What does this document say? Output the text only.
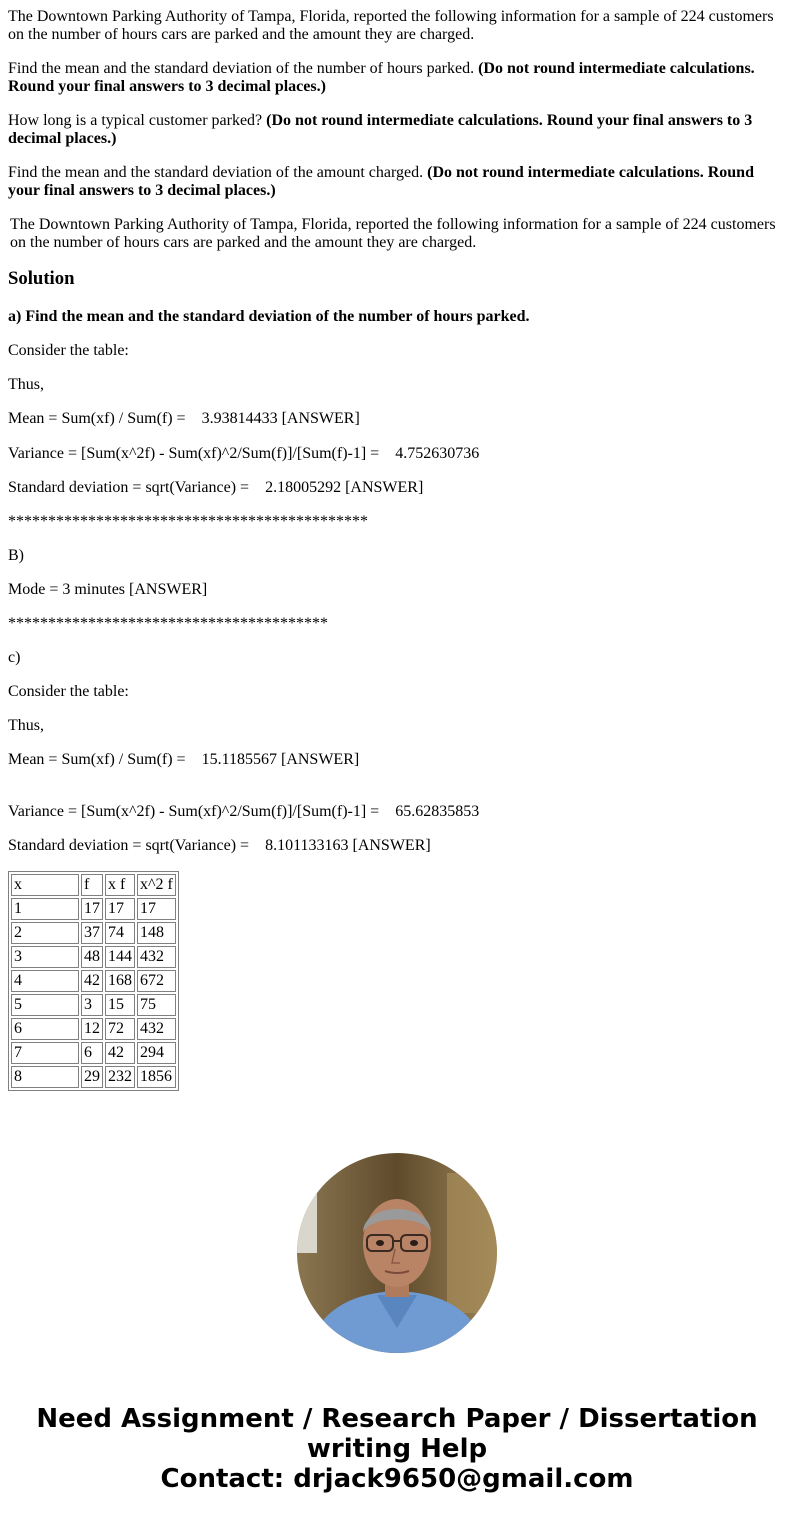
The Downtown Parking Authority of Tampa, Florida, reported the following information for a sample of 224 customers on the number of hours cars are parked and the amount they are charged.

Find the mean and the standard deviation of the number of hours parked. (Do not round intermediate calculations. Round your final answers to 3 decimal places.)

How long is a typical customer parked? (Do not round intermediate calculations. Round your final answers to 3 decimal places.)

Find the mean and the standard deviation of the amount charged. (Do not round intermediate calculations. Round your final answers to 3 decimal places.)

The Downtown Parking Authority of Tampa, Florida, reported the following information for a sample of 224 customers on the number of hours cars are parked and the amount they are charged.

Solution

a) Find the mean and the standard deviation of the number of hours parked.

Consider the table:

Thus,

Mean = Sum(xf) / Sum(f) = 3.93814433 [ANSWER]

Variance = [Sum(x^2f) - Sum(xf)^2/Sum(f)]/[Sum(f)-1] = 4.752630736

Standard deviation = sqrt(Variance) = 2.18005292 [ANSWER]

*********************************************

B)

Mode = 3 minutes [ANSWER]

****************************************

c)

Consider the table:

Thus,

Mean = Sum(xf) / Sum(f) = 15.1185567 [ANSWER]

Variance = [Sum(x^2f) - Sum(xf)^2/Sum(f)]/[Sum(f)-1] = 65.62835853

Standard deviation = sqrt(Variance) = 8.101133163 [ANSWER]

x	f	x f	x^2 f
1	17	17	17
2	37	74	148
3	48	144	432
4	42	168	672
5	3	15	75
6	12	72	432
7	6	42	294
8	29	232	1856
Need Assignment / Research Paper / Dissertation
writing Help
Contact: drjack9650@gmail.com
